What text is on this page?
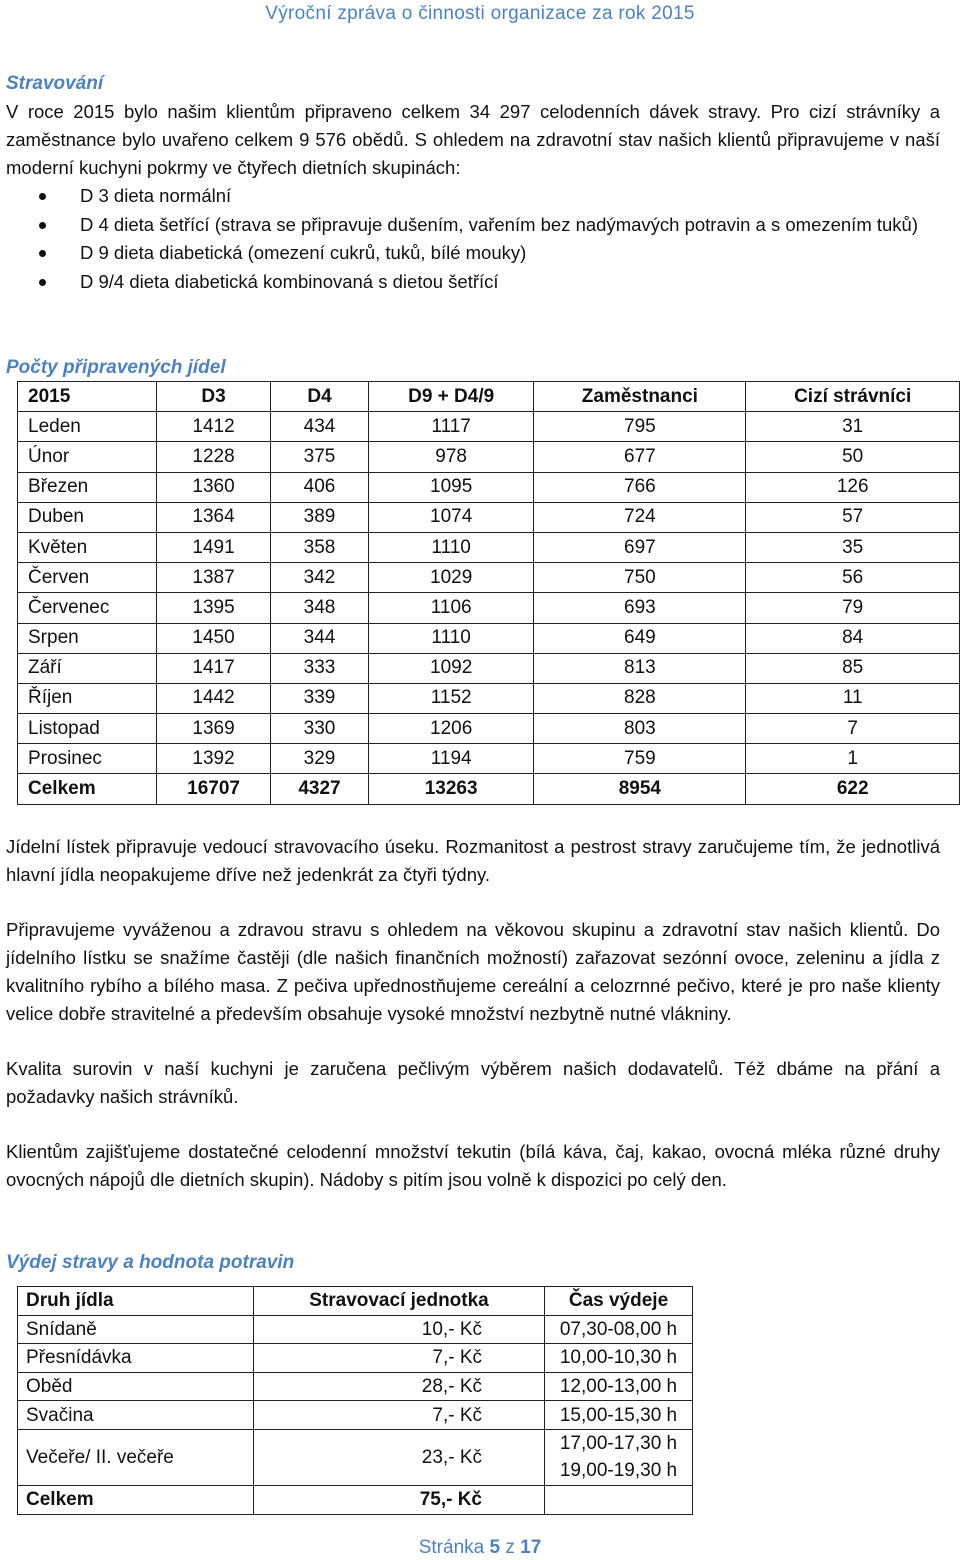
Výroční zpráva o činnosti organizace za rok 2015

Stravování

V roce 2015 bylo našim klientům připraveno celkem 34 297 celodenních dávek stravy. Pro cizí strávníky a zaměstnance bylo uvařeno celkem 9 576 obědů. S ohledem na zdravotní stav našich klientů připravujeme v naší moderní kuchyni pokrmy ve čtyřech dietních skupinách:

D 3 dieta normální
D 4 dieta šetřící (strava se připravuje dušením, vařením bez nadýmavých potravin a s omezením tuků)
D 9 dieta diabetická (omezení cukrů, tuků, bílé mouky)
D 9/4 dieta diabetická kombinovaná s dietou šetřící

Počty připravených jídel

2015	D3	D4	D9 + D4/9	Zaměstnanci	Cizí strávníci
Leden	1412	434	1117	795	31
Únor	1228	375	978	677	50
Březen	1360	406	1095	766	126
Duben	1364	389	1074	724	57
Květen	1491	358	1110	697	35
Červen	1387	342	1029	750	56
Červenec	1395	348	1106	693	79
Srpen	1450	344	1110	649	84
Září	1417	333	1092	813	85
Říjen	1442	339	1152	828	11
Listopad	1369	330	1206	803	7
Prosinec	1392	329	1194	759	1
Celkem	16707	4327	13263	8954	622

Jídelní lístek připravuje vedoucí stravovacího úseku. Rozmanitost a pestrost stravy zaručujeme tím, že jednotlivá hlavní jídla neopakujeme dříve než jedenkrát za čtyři týdny.

Připravujeme vyváženou a zdravou stravu s ohledem na věkovou skupinu a zdravotní stav našich klientů. Do jídelního lístku se snažíme častěji (dle našich finančních možností) zařazovat sezónní ovoce, zeleninu a jídla z kvalitního rybího a bílého masa. Z pečiva upřednostňujeme cereální a celozrnné pečivo, které je pro naše klienty velice dobře stravitelné a především obsahuje vysoké množství nezbytně nutné vlákniny.

Kvalita surovin v naší kuchyni je zaručena pečlivým výběrem našich dodavatelů. Též dbáme na přání a požadavky našich strávníků.

Klientům zajišťujeme dostatečné celodenní množství tekutin (bílá káva, čaj, kakao, ovocná mléka různé druhy ovocných nápojů dle dietních skupin). Nádoby s pitím jsou volně k dispozici po celý den.

Výdej stravy a hodnota potravin

Druh jídla	Stravovací jednotka	Čas výdeje
Snídaně	10,- Kč	07,30-08,00 h
Přesnídávka	7,- Kč	10,00-10,30 h
Oběd	28,- Kč	12,00-13,00 h
Svačina	7,- Kč	15,00-15,30 h
Večeře/ II. večeře	23,- Kč	17,00-17,30 h
19,00-19,30 h

Celkem	75,- Kč	
Stránka 5 z 17
